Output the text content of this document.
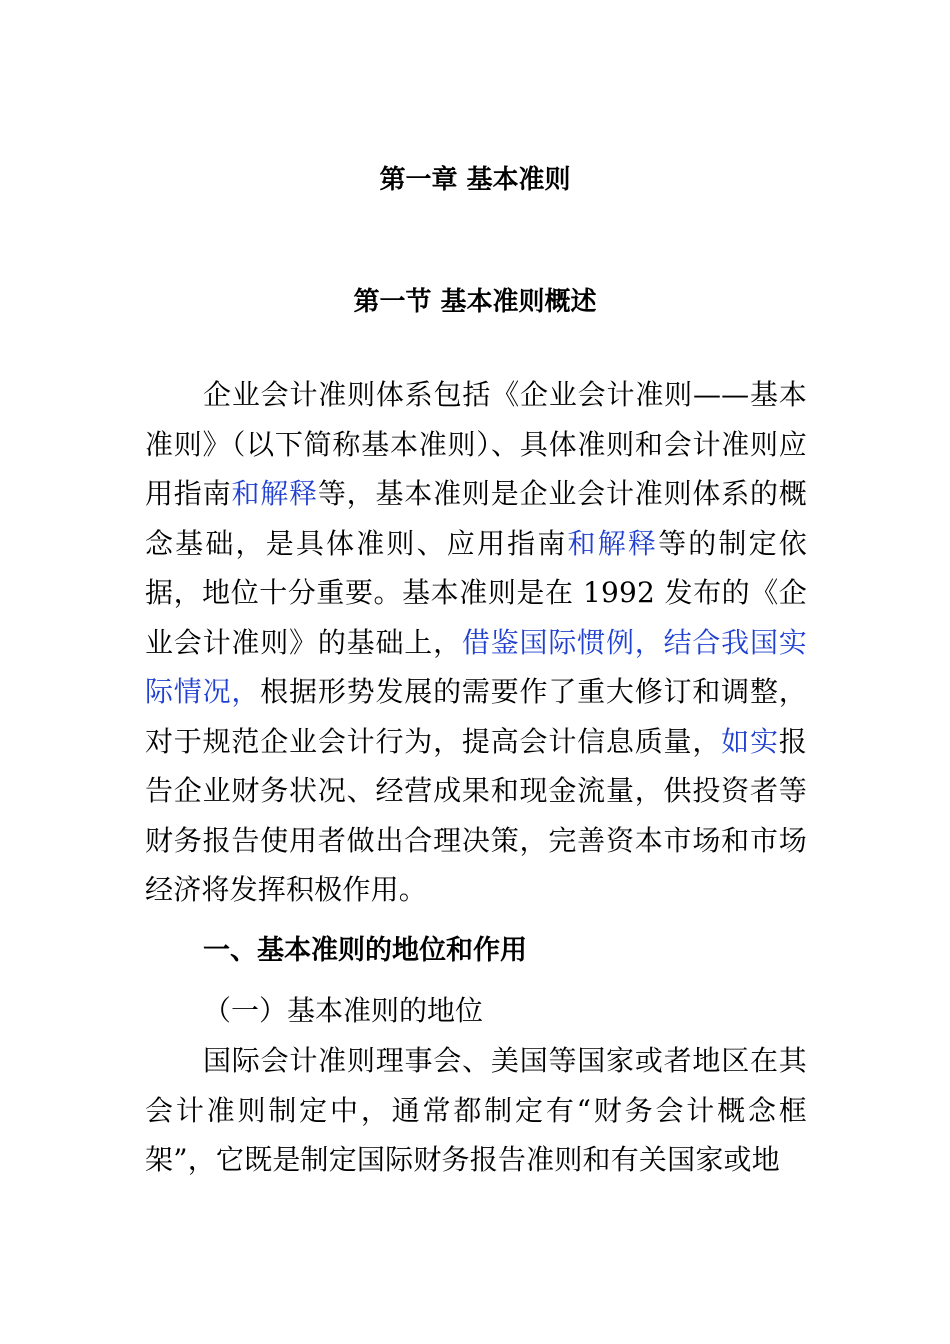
第一章 基本准则
第一节 基本准则概述

企业会计准则体系包括《企业会计准则——基本准则》（以下简称基本准则）、具体准则和会计准则应用指南和解释等，基本准则是企业会计准则体系的概念基础，是具体准则、应用指南和解释等的制定依据，地位十分重要。基本准则是在 1992 发布的《企业会计准则》的基础上，借鉴国际惯例，结合我国实际情况，根据形势发展的需要作了重大修订和调整，对于规范企业会计行为，提高会计信息质量，如实报告企业财务状况、经营成果和现金流量，供投资者等财务报告使用者做出合理决策，完善资本市场和市场经济将发挥积极作用。

一、基本准则的地位和作用

（一）基本准则的地位

国际会计准则理事会、美国等国家或者地区在其会计准则制定中，通常都制定有“财务会计概念框架”，它既是制定国际财务报告准则和有关国家或地
